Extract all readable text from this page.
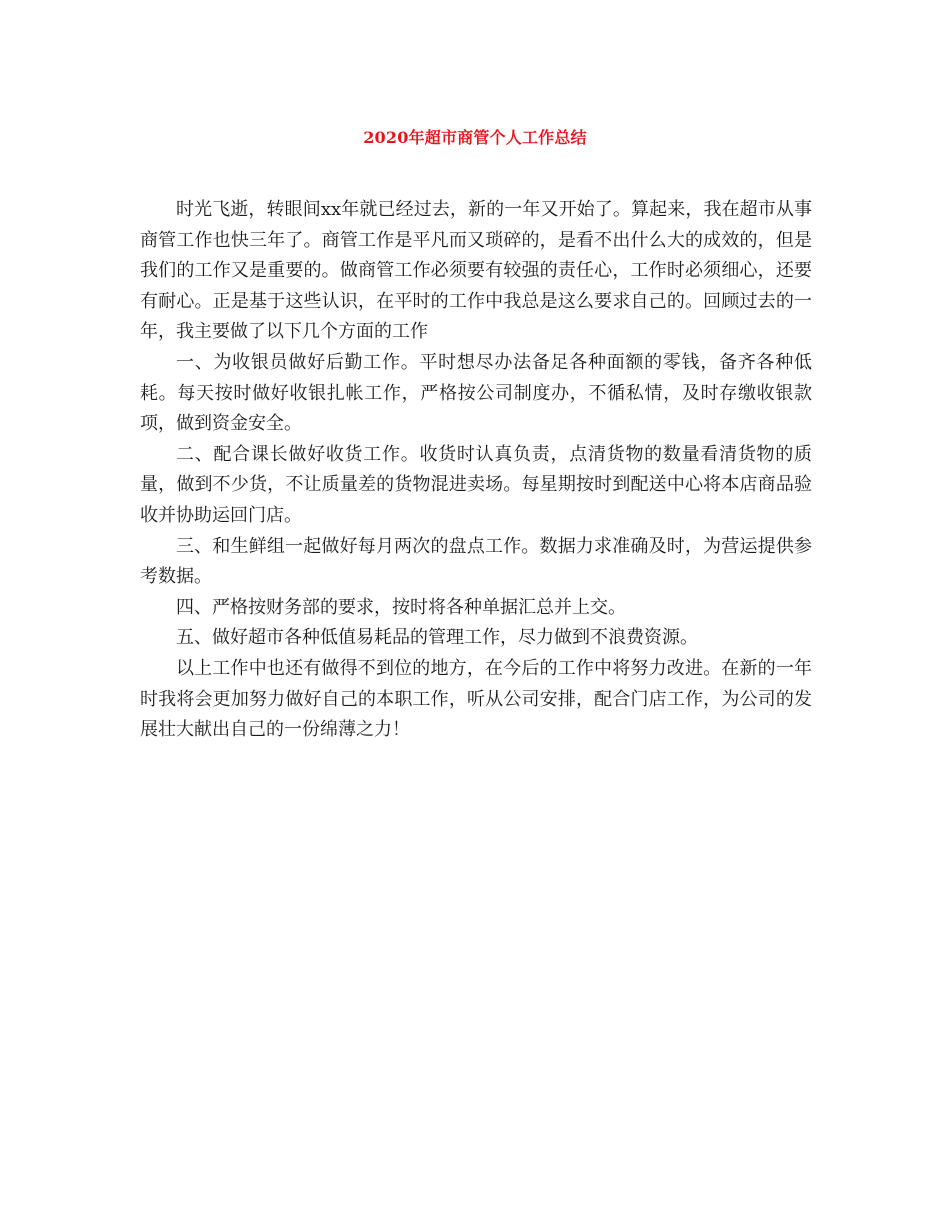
2020年超市商管个人工作总结

时光飞逝，转眼间xx年就已经过去，新的一年又开始了。算起来，我在超市从事商管工作也快三年了。商管工作是平凡而又琐碎的，是看不出什么大的成效的，但是我们的工作又是重要的。做商管工作必须要有较强的责任心，工作时必须细心，还要有耐心。正是基于这些认识，在平时的工作中我总是这么要求自己的。回顾过去的一年，我主要做了以下几个方面的工作

一、为收银员做好后勤工作。平时想尽办法备足各种面额的零钱，备齐各种低耗。每天按时做好收银扎帐工作，严格按公司制度办，不循私情，及时存缴收银款项，做到资金安全。

二、配合课长做好收货工作。收货时认真负责，点清货物的数量看清货物的质量，做到不少货，不让质量差的货物混进卖场。每星期按时到配送中心将本店商品验收并协助运回门店。

三、和生鲜组一起做好每月两次的盘点工作。数据力求准确及时，为营运提供参考数据。

四、严格按财务部的要求，按时将各种单据汇总并上交。

五、做好超市各种低值易耗品的管理工作，尽力做到不浪费资源。

以上工作中也还有做得不到位的地方，在今后的工作中将努力改进。在新的一年时我将会更加努力做好自己的本职工作，听从公司安排，配合门店工作，为公司的发展壮大献出自己的一份绵薄之力！
